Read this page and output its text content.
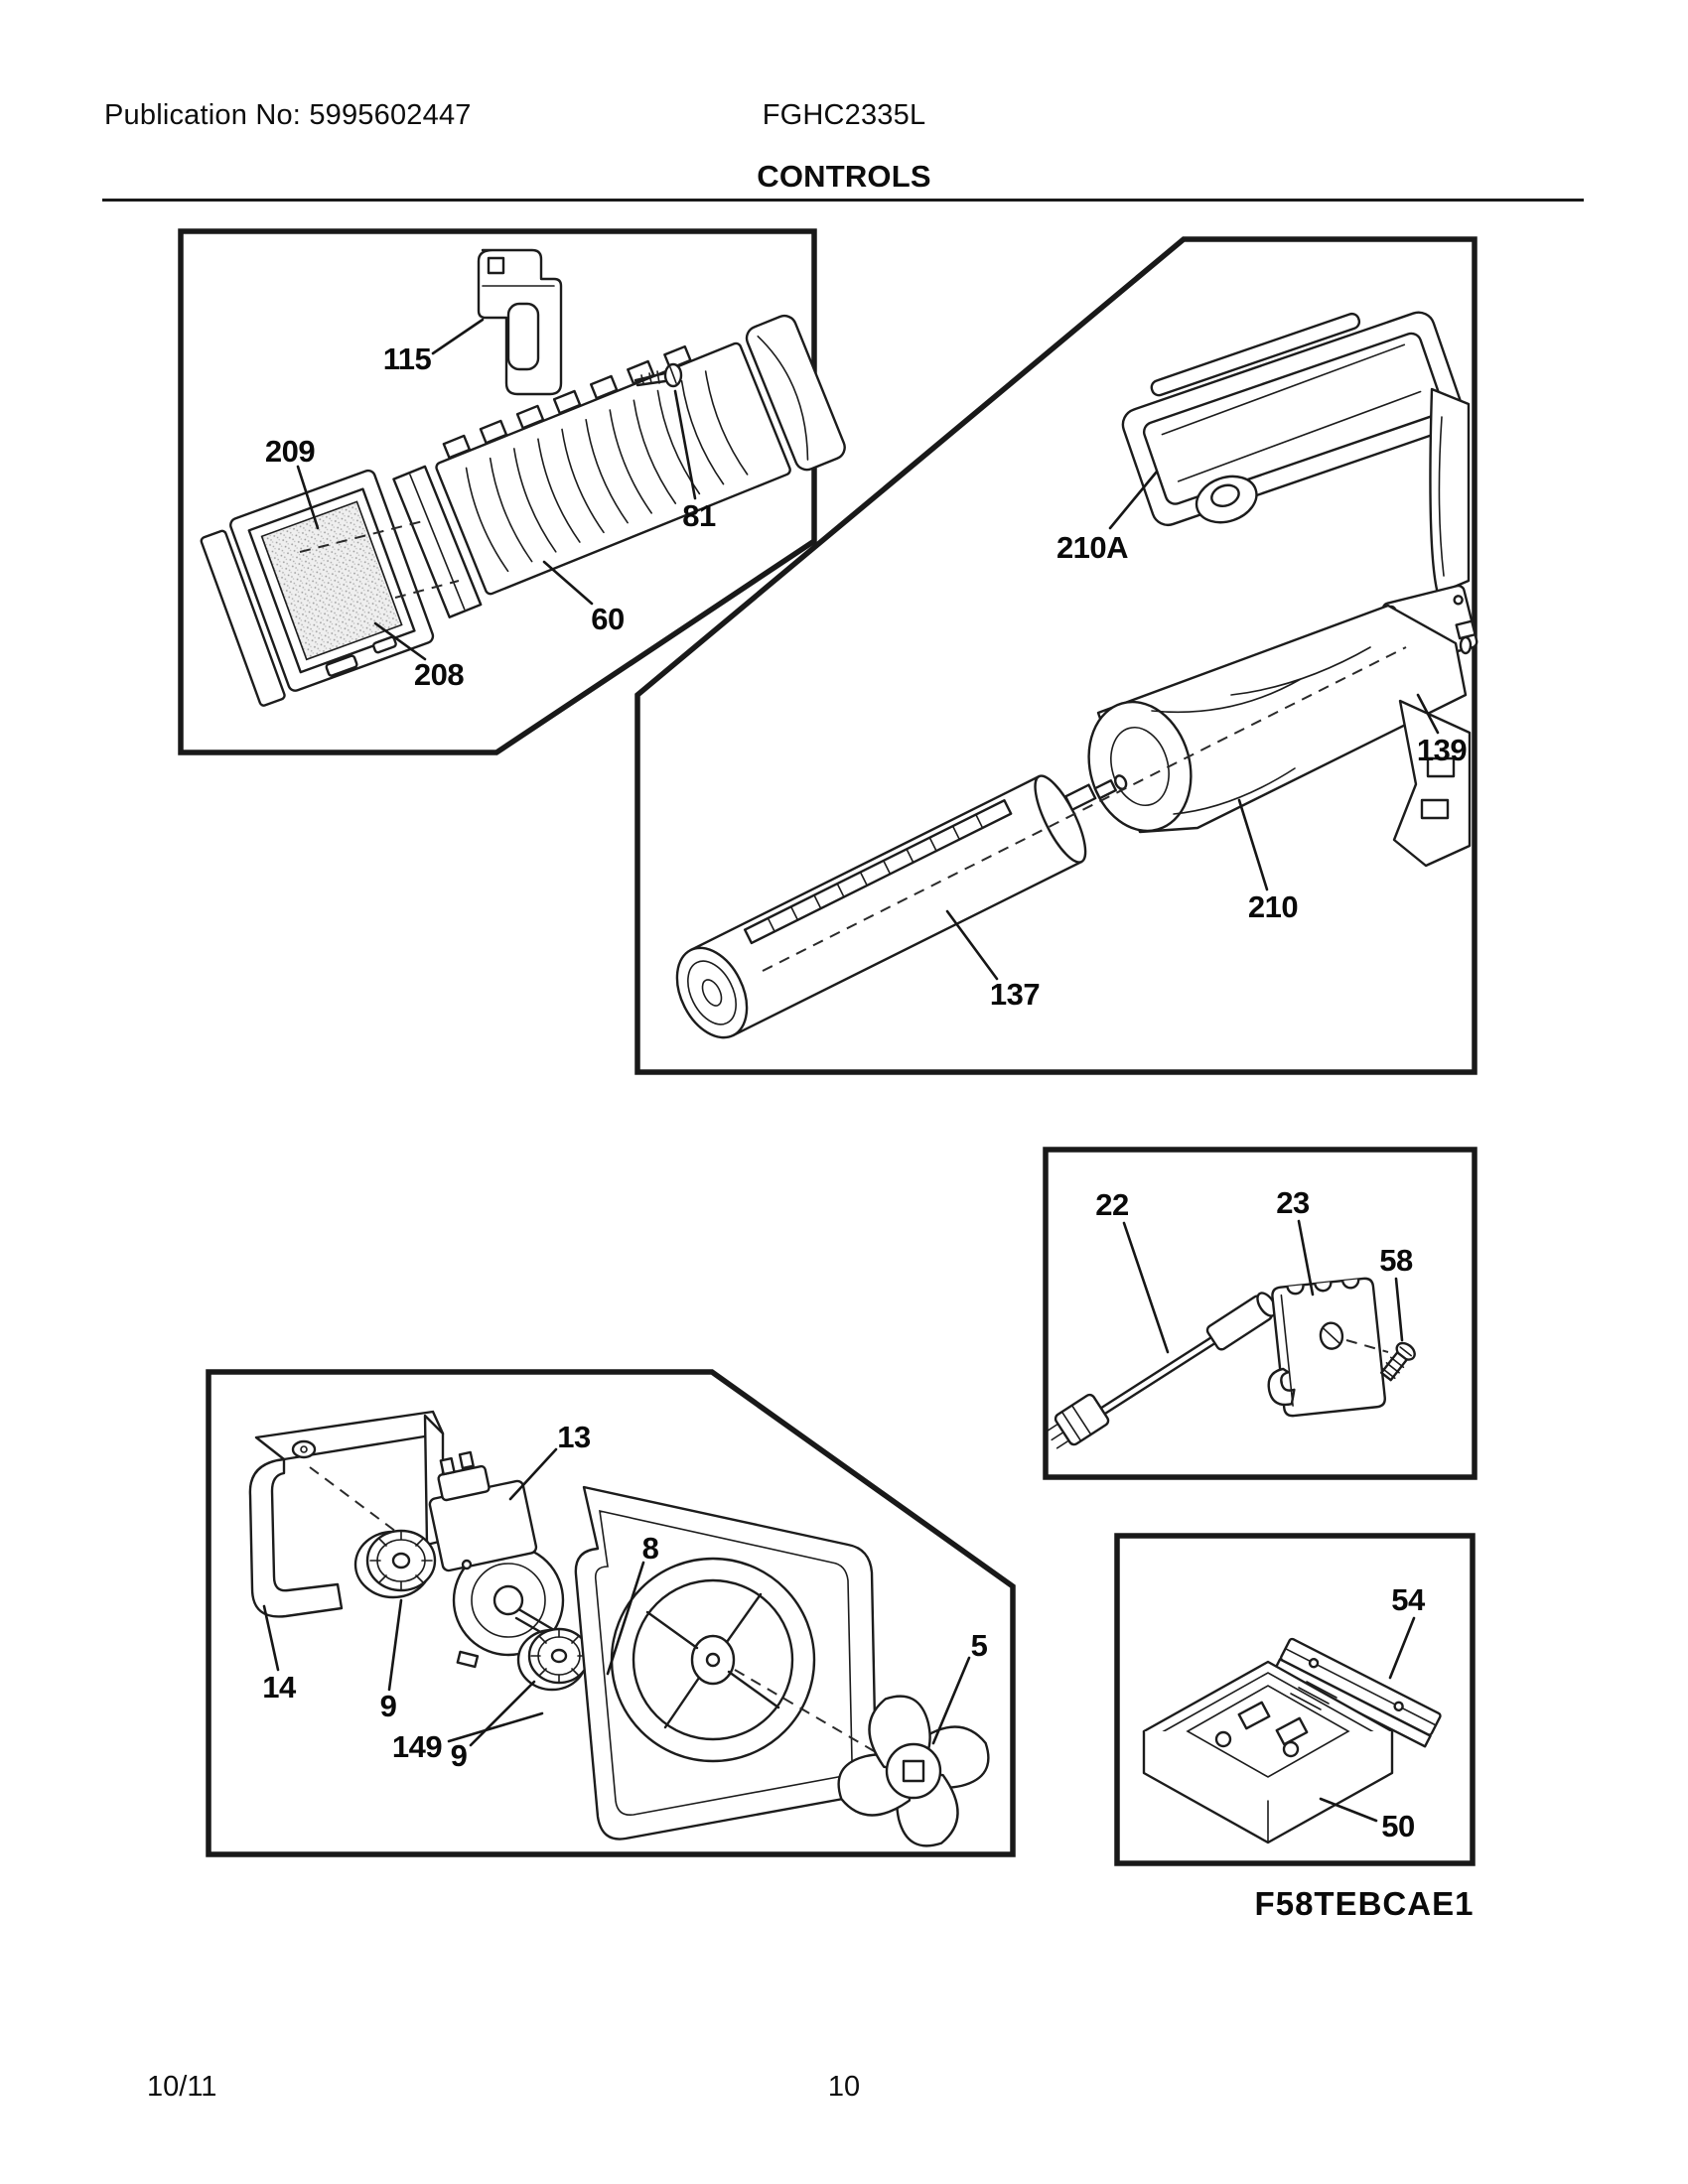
Publication No: 5995602447	FGHC2335L
CONTROLS
115
209
81
60
208
210A
139
210
137
22	23
58
54
50
13
14
9
9
8
5
149
F58TEBCAE1
10/11	10
